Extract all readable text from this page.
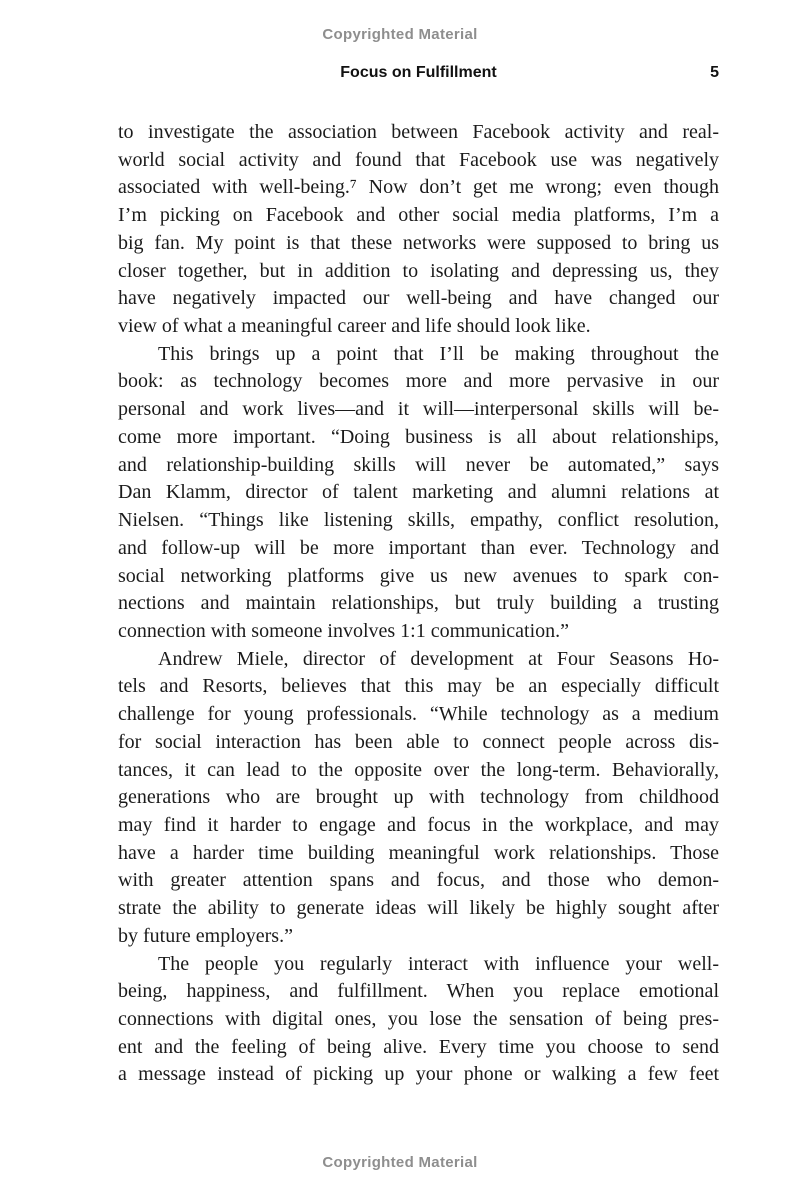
Copyrighted Material
Focus on Fulfillment	5
to investigate the association between Facebook activity and real-
world social activity and found that Facebook use was negatively
associated with well-being.⁷ Now don’t get me wrong; even though
I’m picking on Facebook and other social media platforms, I’m a
big fan. My point is that these networks were supposed to bring us
closer together, but in addition to isolating and depressing us, they
have negatively impacted our well-being and have changed our
view of what a meaningful career and life should look like.
This brings up a point that I’ll be making throughout the
book: as technology becomes more and more pervasive in our
personal and work lives—and it will—interpersonal skills will be-
come more important. “Doing business is all about relationships,
and relationship-building skills will never be automated,” says
Dan Klamm, director of talent marketing and alumni relations at
Nielsen. “Things like listening skills, empathy, conflict resolution,
and follow-up will be more important than ever. Technology and
social networking platforms give us new avenues to spark con-
nections and maintain relationships, but truly building a trusting
connection with someone involves 1:1 communication.”
Andrew Miele, director of development at Four Seasons Ho-
tels and Resorts, believes that this may be an especially difficult
challenge for young professionals. “While technology as a medium
for social interaction has been able to connect people across dis-
tances, it can lead to the opposite over the long-term. Behaviorally,
generations who are brought up with technology from childhood
may find it harder to engage and focus in the workplace, and may
have a harder time building meaningful work relationships. Those
with greater attention spans and focus, and those who demon-
strate the ability to generate ideas will likely be highly sought after
by future employers.”
The people you regularly interact with influence your well-
being, happiness, and fulfillment. When you replace emotional
connections with digital ones, you lose the sensation of being pres-
ent and the feeling of being alive. Every time you choose to send
a message instead of picking up your phone or walking a few feet
Copyrighted Material
